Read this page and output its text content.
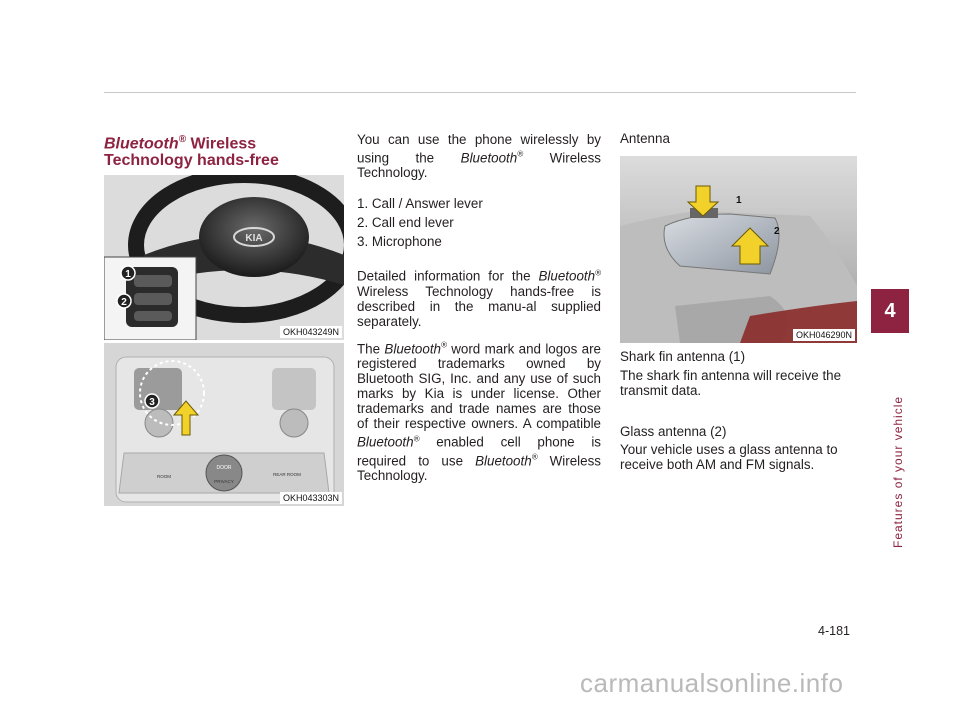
Bluetooth® Wireless
Technology hands-free
KIA
1
2
OKH043249N
3
DOOR
PRIVACY
ROOM	REAR ROOM
OKH043303N

You can use the phone wirelessly by using the Bluetooth® Wireless Technology.

1. Call / Answer lever

2. Call end lever

3. Microphone

Detailed information for the Bluetooth® Wireless Technology hands-free is described in the manu-al supplied separately.

The Bluetooth® word mark and logos are registered trademarks owned by Bluetooth SIG, Inc. and any use of such marks by Kia is under license. Other trademarks and trade names are those of their respective owners. A compatible Bluetooth® enabled cell phone is required to use Bluetooth® Wireless Technology.

Antenna
1
2
OKH046290N
Shark fin antenna (1)
The shark fin antenna will receive the transmit data.
Glass antenna (2)
Your vehicle uses a glass antenna to receive both AM and FM signals.
4
Features of your vehicle
4-181
carmanualsonline.info
